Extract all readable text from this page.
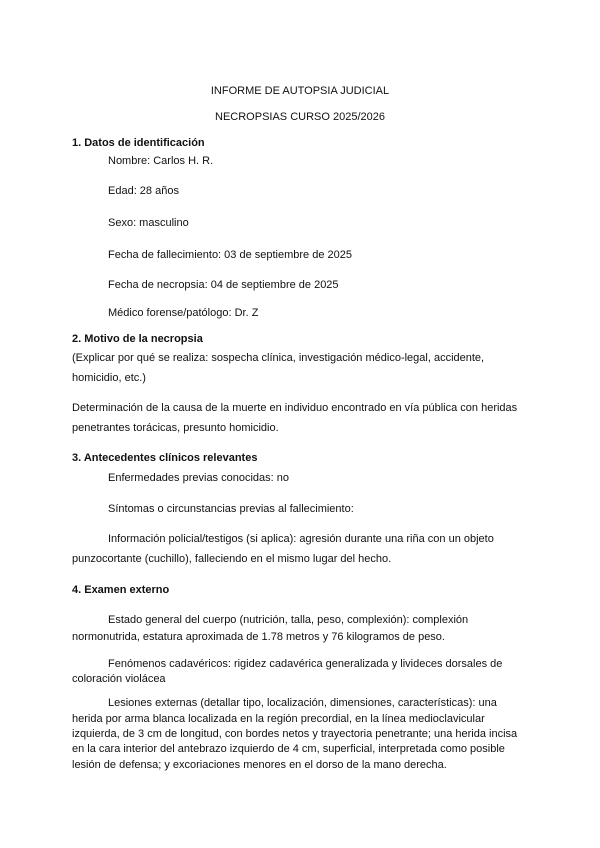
INFORME DE AUTOPSIA JUDICIAL
NECROPSIAS CURSO 2025/2026
1. Datos de identificación
Nombre: Carlos H. R.
Edad: 28 años
Sexo: masculino
Fecha de fallecimiento: 03 de septiembre de 2025
Fecha de necropsia: 04 de septiembre de 2025
Médico forense/patólogo: Dr. Z
2. Motivo de la necropsia
(Explicar por qué se realiza: sospecha clínica, investigación médico-legal, accidente,
homicidio, etc.)
Determinación de la causa de la muerte en individuo encontrado en vía pública con heridas
penetrantes torácicas, presunto homicidio.
3. Antecedentes clínicos relevantes
Enfermedades previas conocidas: no
Síntomas o circunstancias previas al fallecimiento:
Información policial/testigos (si aplica): agresión durante una riña con un objeto
punzocortante (cuchillo), falleciendo en el mismo lugar del hecho.
4. Examen externo
Estado general del cuerpo (nutrición, talla, peso, complexión): complexión
normonutrida, estatura aproximada de 1.78 metros y 76 kilogramos de peso.
Fenómenos cadavéricos: rigidez cadavérica generalizada y livideces dorsales de
coloración violácea
Lesiones externas (detallar tipo, localización, dimensiones, características): una
herida por arma blanca localizada en la región precordial, en la línea medioclavicular
izquierda, de 3 cm de longitud, con bordes netos y trayectoria penetrante; una herida incisa
en la cara interior del antebrazo izquierdo de 4 cm, superficial, interpretada como posible
lesión de defensa; y excoriaciones menores en el dorso de la mano derecha.
